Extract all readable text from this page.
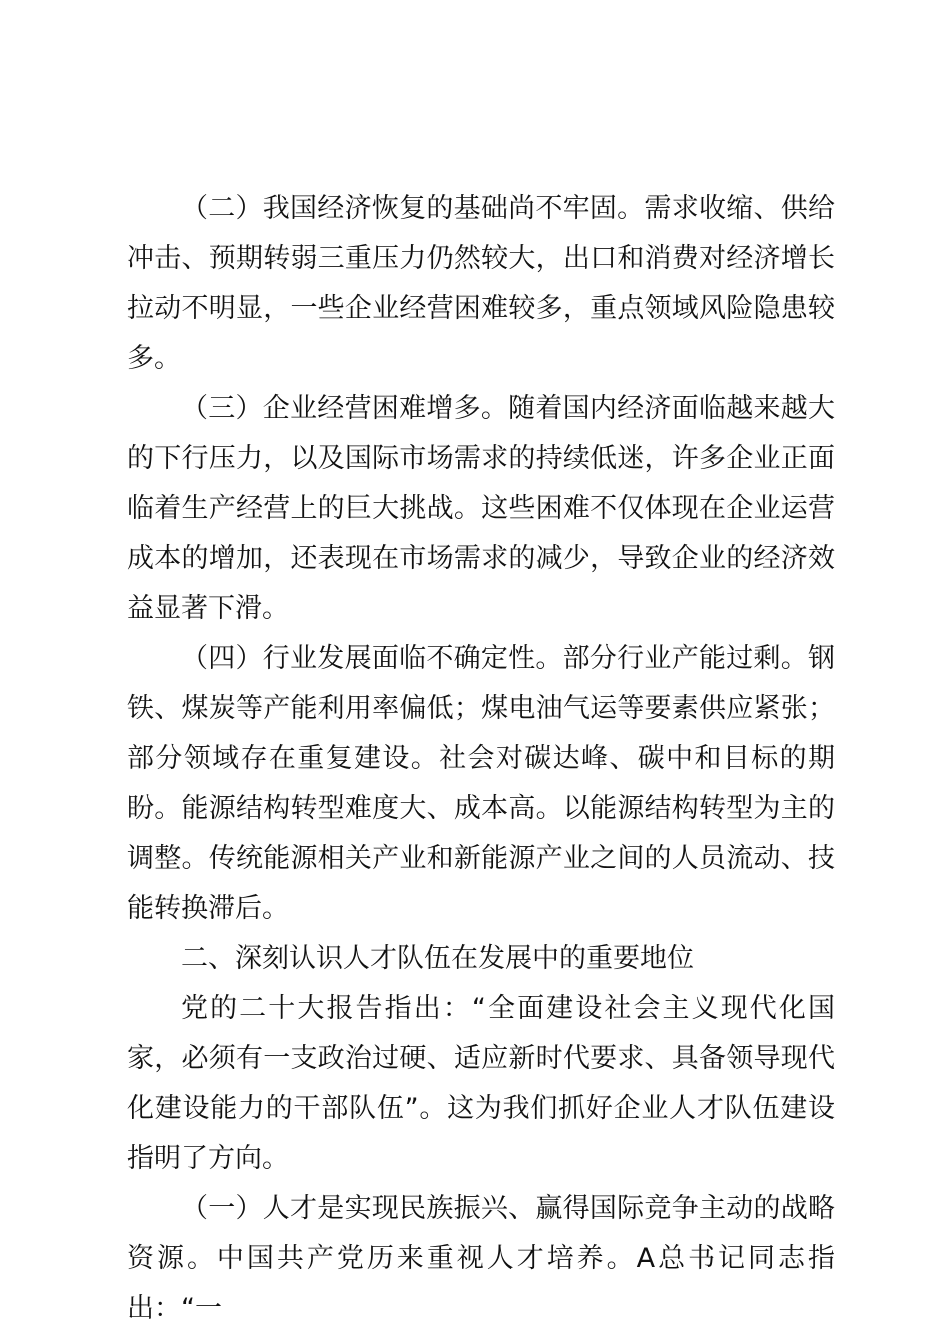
（二）我国经济恢复的基础尚不牢固。需求收缩、供给冲击、预期转弱三重压力仍然较大，出口和消费对经济增长拉动不明显，一些企业经营困难较多，重点领域风险隐患较多。

（三）企业经营困难增多。随着国内经济面临越来越大的下行压力，以及国际市场需求的持续低迷，许多企业正面临着生产经营上的巨大挑战。这些困难不仅体现在企业运营成本的增加，还表现在市场需求的减少，导致企业的经济效益显著下滑。

（四）行业发展面临不确定性。部分行业产能过剩。钢铁、煤炭等产能利用率偏低；煤电油气运等要素供应紧张；部分领域存在重复建设。社会对碳达峰、碳中和目标的期盼。能源结构转型难度大、成本高。以能源结构转型为主的调整。传统能源相关产业和新能源产业之间的人员流动、技能转换滞后。

二、深刻认识人才队伍在发展中的重要地位

党的二十大报告指出：“全面建设社会主义现代化国家，必须有一支政治过硬、适应新时代要求、具备领导现代化建设能力的干部队伍”。这为我们抓好企业人才队伍建设指明了方向。

（一）人才是实现民族振兴、赢得国际竞争主动的战略资源。中国共产党历来重视人才培养。A总书记同志指出：“一
